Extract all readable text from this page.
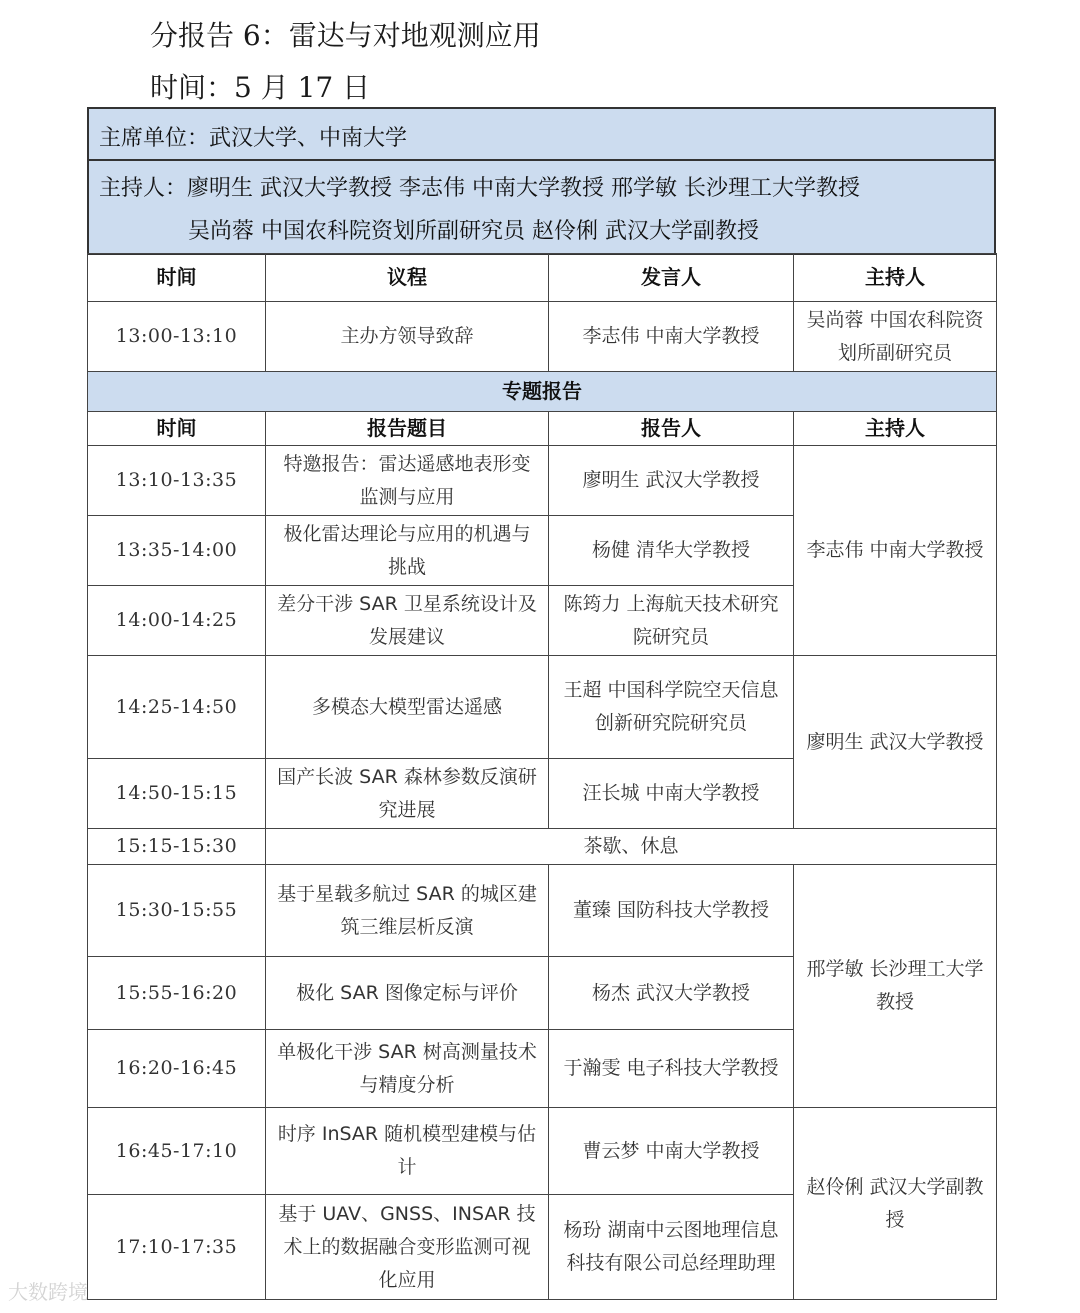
分报告 6：雷达与对地观测应用
时间：5 月 17 日
主席单位：武汉大学、中南大学
主持人：廖明生 武汉大学教授 李志伟 中南大学教授 邢学敏 长沙理工大学教授
吴尚蓉 中国农科院资划所副研究员 赵伶俐 武汉大学副教授
时间	议程	发言人	主持人
13:00-13:10	主办方领导致辞	李志伟 中南大学教授	吴尚蓉 中国农科院资划所副研究员
专题报告			
时间	报告题目	报告人	主持人
13:10-13:35	特邀报告：雷达遥感地表形变监测与应用	廖明生 武汉大学教授	李志伟 中南大学教授
13:35-14:00	极化雷达理论与应用的机遇与挑战	杨健 清华大学教授	
14:00-14:25	差分干涉 SAR 卫星系统设计及发展建议	陈筠力 上海航天技术研究院研究员	
14:25-14:50	多模态大模型雷达遥感	王超 中国科学院空天信息创新研究院研究员	廖明生 武汉大学教授
14:50-15:15	国产长波 SAR 森林参数反演研究进展	汪长城 中南大学教授	
15:15-15:30	茶歇、休息		
15:30-15:55	基于星载多航过 SAR 的城区建筑三维层析反演	董臻 国防科技大学教授	邢学敏 长沙理工大学教授
15:55-16:20	极化 SAR 图像定标与评价	杨杰 武汉大学教授	
16:20-16:45	单极化干涉 SAR 树高测量技术与精度分析	于瀚雯 电子科技大学教授	
16:45-17:10	时序 InSAR 随机模型建模与估计	曹云梦 中南大学教授	赵伶俐 武汉大学副教授
17:10-17:35	基于 UAV、GNSS、INSAR 技术上的数据融合变形监测可视化应用	杨玢 湖南中云图地理信息科技有限公司总经理助理	
大数跨境
